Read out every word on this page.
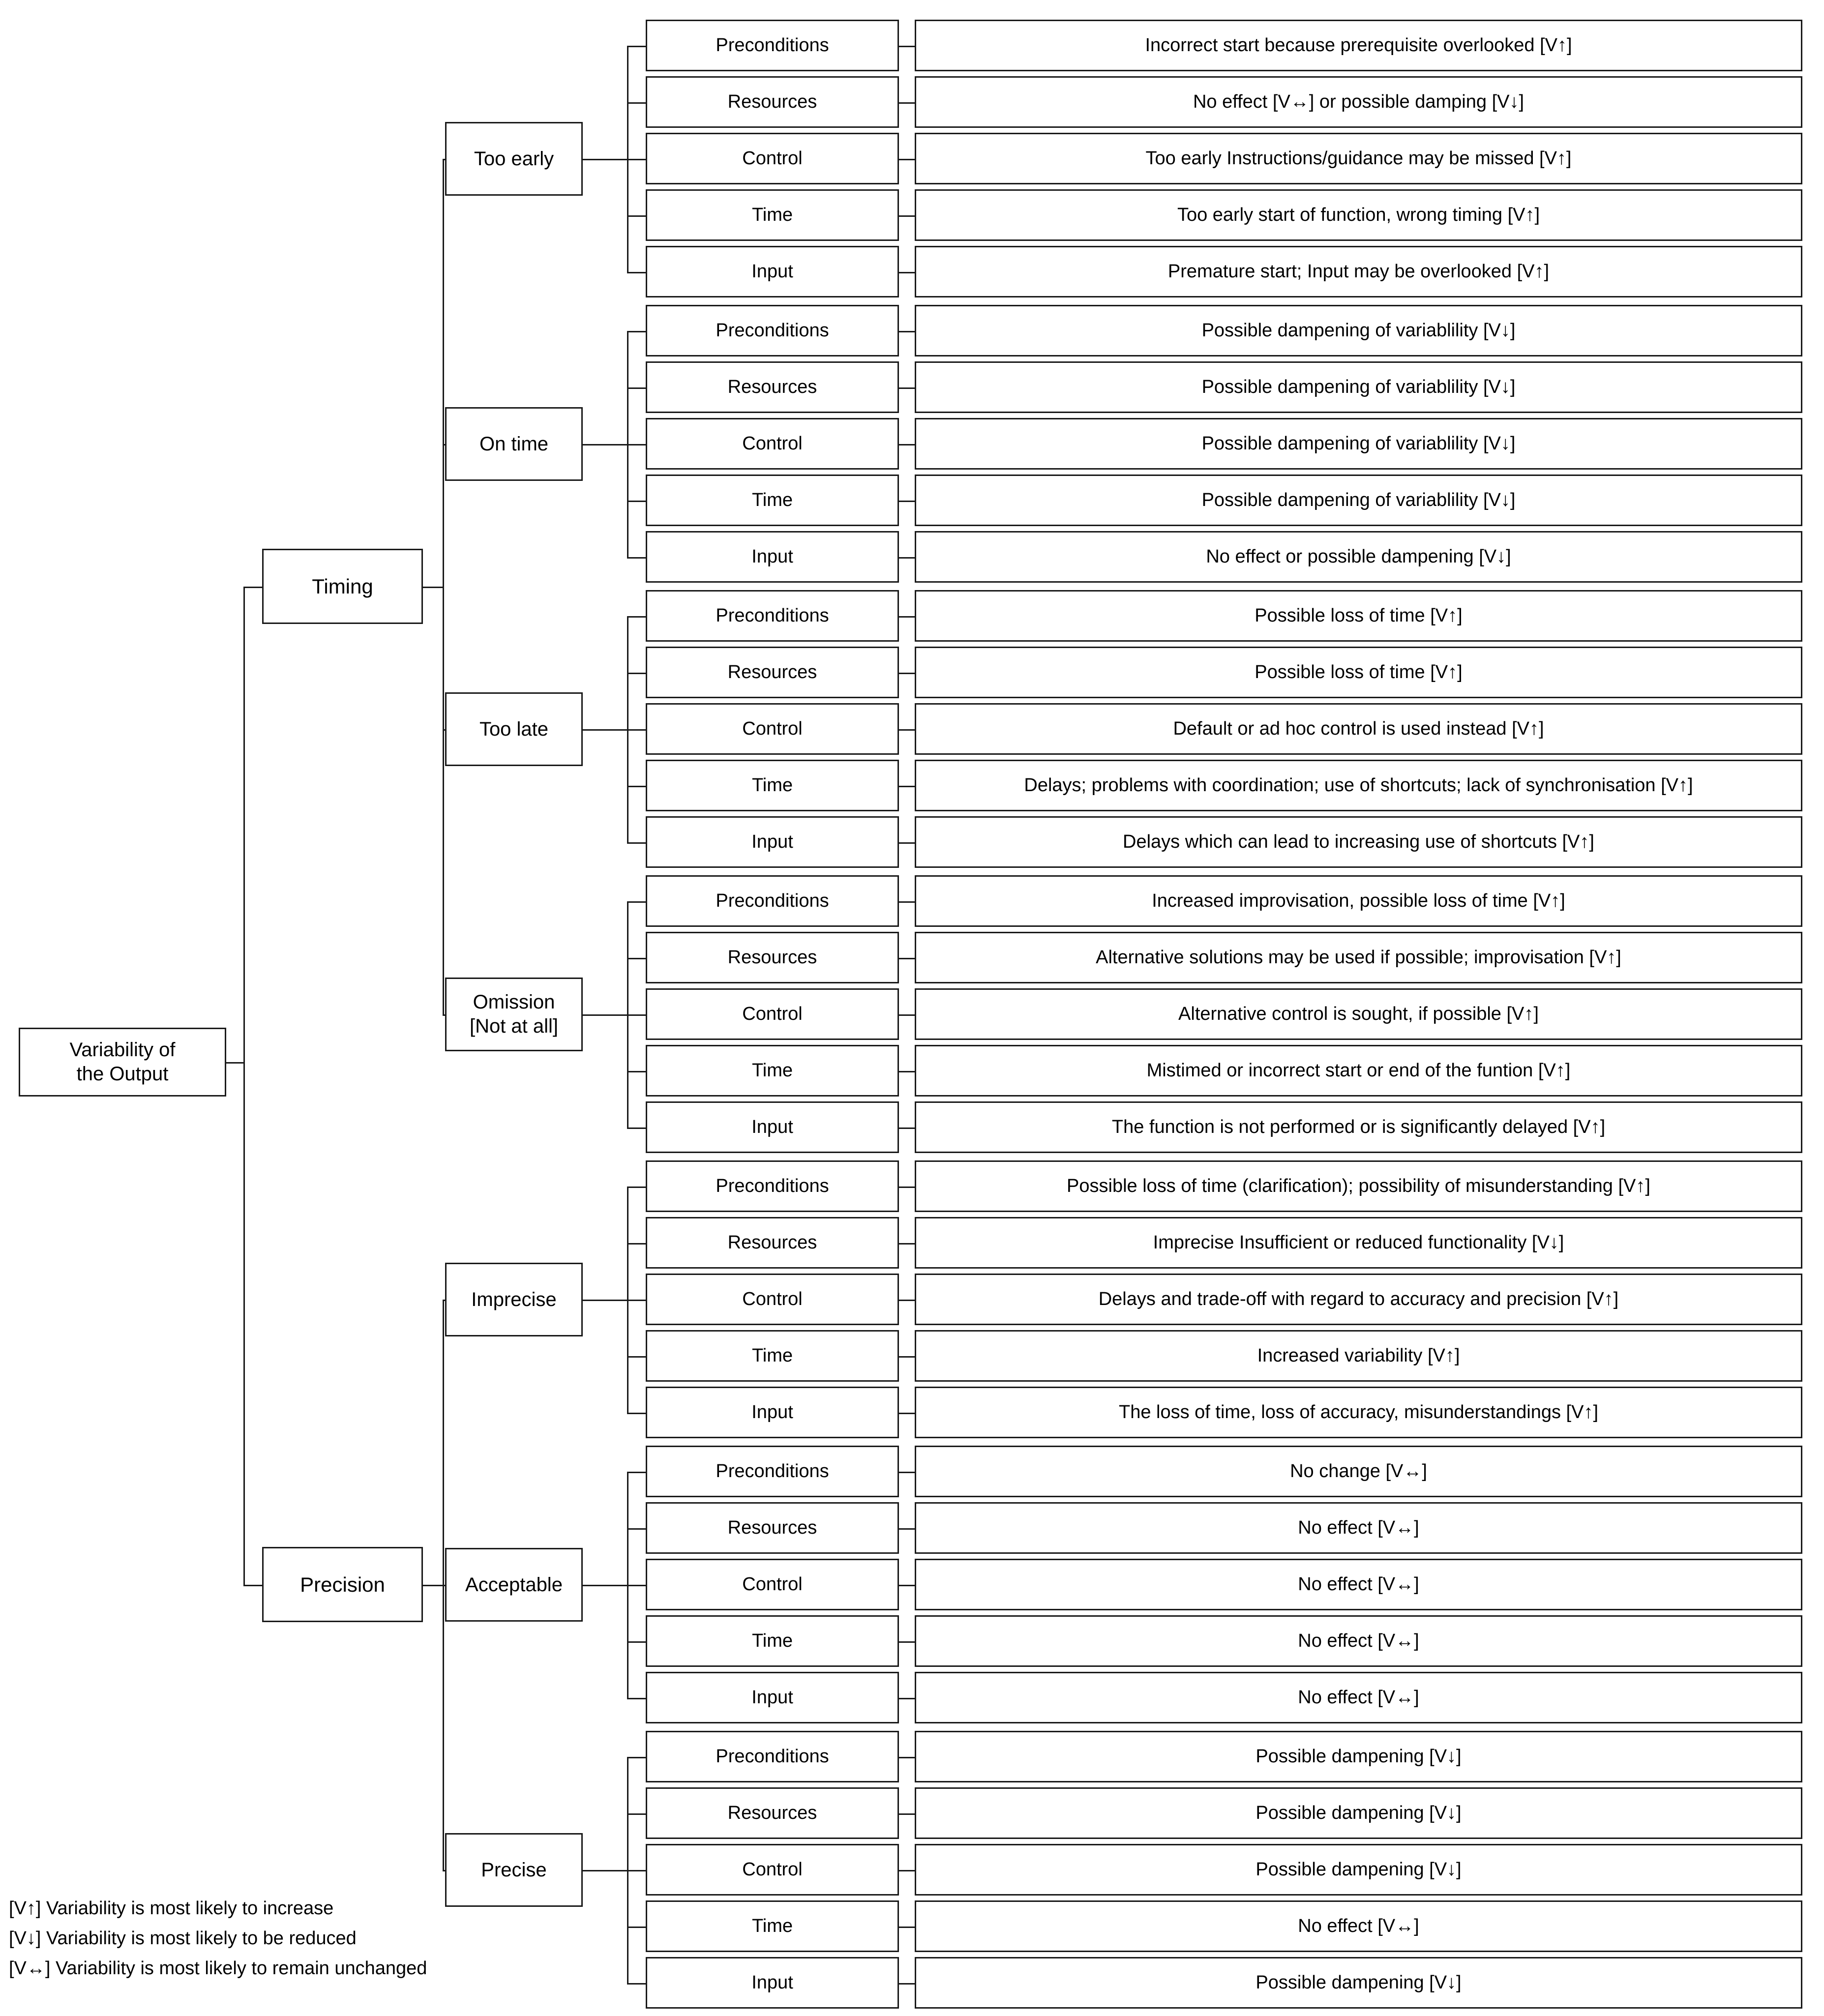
Variability of
the Output
Preconditions	Incorrect start because prerequisite overlooked [V↑]
Resources	No effect [V↔] or possible damping [V↓]
Control	Too early Instructions/guidance may be missed [V↑]
Time	Too early start of function, wrong timing [V↑]
Input	Premature start; Input may be overlooked [V↑]
Too early
Preconditions	Possible dampening of variablility [V↓]
Resources	Possible dampening of variablility [V↓]
Control	Possible dampening of variablility [V↓]
Time	Possible dampening of variablility [V↓]
Input	No effect or possible dampening [V↓]
On time
Preconditions	Possible loss of time [V↑]
Resources	Possible loss of time [V↑]
Control	Default or ad hoc control is used instead [V↑]
Time	Delays; problems with coordination; use of shortcuts; lack of synchronisation [V↑]
Input	Delays which can lead to increasing use of shortcuts [V↑]
Too late
Preconditions	Increased improvisation, possible loss of time [V↑]
Resources	Alternative solutions may be used if possible; improvisation [V↑]
Control	Alternative control is sought, if possible [V↑]
Time	Mistimed or incorrect start or end of the funtion [V↑]
Input	The function is not performed or is significantly delayed [V↑]
Omission
[Not at all]
Preconditions	Possible loss of time (clarification); possibility of misunderstanding [V↑]
Resources	Imprecise Insufficient or reduced functionality [V↓]
Control	Delays and trade-off with regard to accuracy and precision [V↑]
Time	Increased variability [V↑]
Input	The loss of time, loss of accuracy, misunderstandings [V↑]
Imprecise
Preconditions	No change [V↔]
Resources	No effect [V↔]
Control	No effect [V↔]
Time	No effect [V↔]
Input	No effect [V↔]
Acceptable
Preconditions	Possible dampening [V↓]
Resources	Possible dampening [V↓]
Control	Possible dampening [V↓]
Time	No effect [V↔]
Input	Possible dampening [V↓]
Precise
Timing
Precision
[V↑] Variability is most likely to increase
[V↓] Variability is most likely to be reduced
[V↔] Variability is most likely to remain unchanged
